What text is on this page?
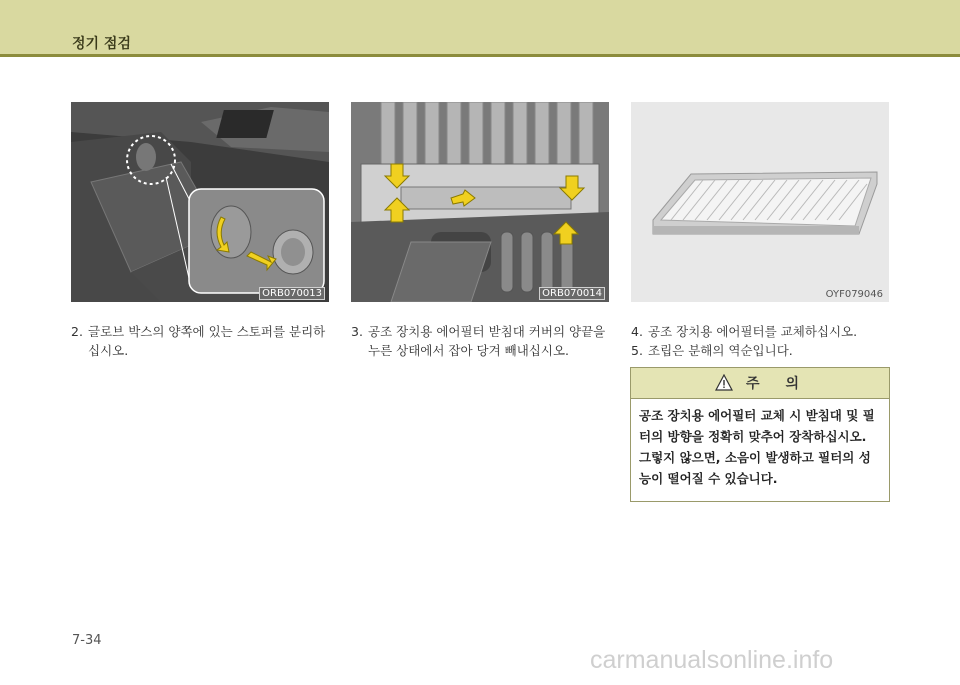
정기 점검
ORB070013	ORB070014	OYF079046
2. 글로브 박스의 양쪽에 있는 스토퍼를 분리하십시오.
3. 공조 장치용 에어필터 받침대 커버의 양끝을 누른 상태에서 잡아 당겨 빼내십시오.
4. 공조 장치용 에어필터를 교체하십시오.
5. 조립은 분해의 역순입니다.
주의

공조 장치용 에어필터 교체 시 받침대 및 필터의 방향을 정확히 맞추어 장착하십시오.

그렇지 않으면, 소음이 발생하고 필터의 성능이 떨어질 수 있습니다.

7-34
carmanualsonline.info
